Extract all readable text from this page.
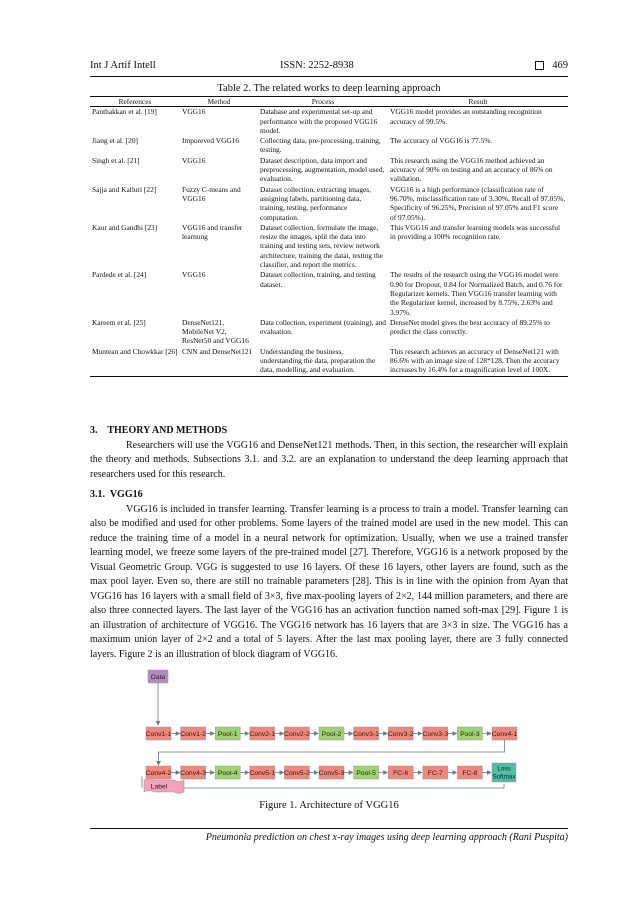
Int J Artif Intell	ISSN: 2252-8938	469
Table 2. The related works to deep learning approach
References	Method	Process	Result
Panthakkan et al. [19]	VGG16	Database and experimental set-up and performance with the proposed VGG16 model.	VGG16 model provides an outstanding recognition accuracy of 99.5%.
Jiang et al. [20]	Imporeved VGG16	Collecting data, pre-processing, training, testing.	The accuracy of VGG16 is 77.5%.
Singh et al. [21]	VGG16	Dataset description, data import and preprocessing, augmentation, model used, evaluation.	This research using the VGG16 method achieved an accuracy of 90% on testing and an accuracy of 86% on validation.
Sajja and Kalluri [22]	Fuzzy C-means and VGG16	Dataset collection, extracting images, assigning labels, partitioning data, training, testing, performance computation.	VGG16 is a high performance (classification rate of 96.70%, misclassification rate of 3.30%, Recall of 97.05%, Specificity of 96.25%, Precision of 97.05% and F1 score of 97.05%).
Kaur and Gandhi [23]	VGG16 and transfer learnung	Dataset collection, formulate the image, resize the images, split the data into training and testing sets, review network architecture, training the datai, testing the classifier, and report the metrics.	This VGG16 and transfer learning models was successful in providing a 100% recognition rate.
Pardede et al. [24]	VGG16	Dataset collection, training, and testing dataset.	The results of the research using the VGG16 model were 0.90 for Dropout, 0.84 for Normalized Batch, and 0.76 for Regularizer kernels. Then VGG16 transfer learning with the Regularizer kernel, increased by 8.75%, 2.63% and 3.97%.
Kareem et al. [25]	DenseNet121, MobileNet V2, ResNet50 and VGG16	Data collection, experiment (training), and evaluation.	DenseNet model gives the best accuracy of 89.25% to predict the class correctly.
Muntean and Chowkkar [26]	CNN and DenseNet121	Understanding the business, understanding the data, preparation the data, modelling, and evaluation.	This research achieves an accuracy of DenseNet121 with 86.6% with an image size of 128*128. Then the accuracy increases by 16.4% for a magnification level of 100X.
3.    THEORY AND METHODS
Researchers will use the VGG16 and DenseNet121 methods. Then, in this section, the researcher will explain the theory and methods. Subsections 3.1. and 3.2. are an explanation to understand the deep learning approach that researchers used for this research.
3.1.  VGG16
VGG16 is included in transfer learning. Transfer learning is a process to train a model. Transfer learning can also be modified and used for other problems. Some layers of the trained model are used in the new model. This can reduce the training time of a model in a neural network for optimization. Usually, when we use a trained transfer learning model, we freeze some layers of the pre-trained model [27]. Therefore, VGG16 is a network proposed by the Visual Geometric Group. VGG is suggested to use 16 layers. Of these 16 layers, other layers are found, such as the max pool layer. Even so, there are still no trainable parameters [28]. This is in line with the opinion from Ayan that VGG16 has 16 layers with a small field of 3×3, five max-pooling layers of 2×2, 144 million parameters, and there are also three connected layers. The last layer of the VGG16 has an activation function named soft-max [29]. Figure 1 is an illustration of architecture of VGG16. The VGG16 network has 16 layers that are 3×3 in size. The VGG16 has a maximum union layer of 2×2 and a total of 5 layers. After the last max pooling layer, there are 3 fully connected layers. Figure 2 is an illustration of block diagram of VGG16.
Data
Conv1-1 Conv1-2 Pool-1 Conv2-1 Conv2-2 Pool-2 Conv3-1 Conv3-2 Conv3-3 Pool-3 Conv4-1
Conv4-2 Conv4-3 Pool-4 Conv5-1 Conv5-2 Conv5-3 Pool-5	FC-6	FC-7	FC-8
Loss
Softmax
Label
Figure 1. Architecture of VGG16
Pneumonia prediction on chest x-ray images using deep learning approach (Rani Puspita)
